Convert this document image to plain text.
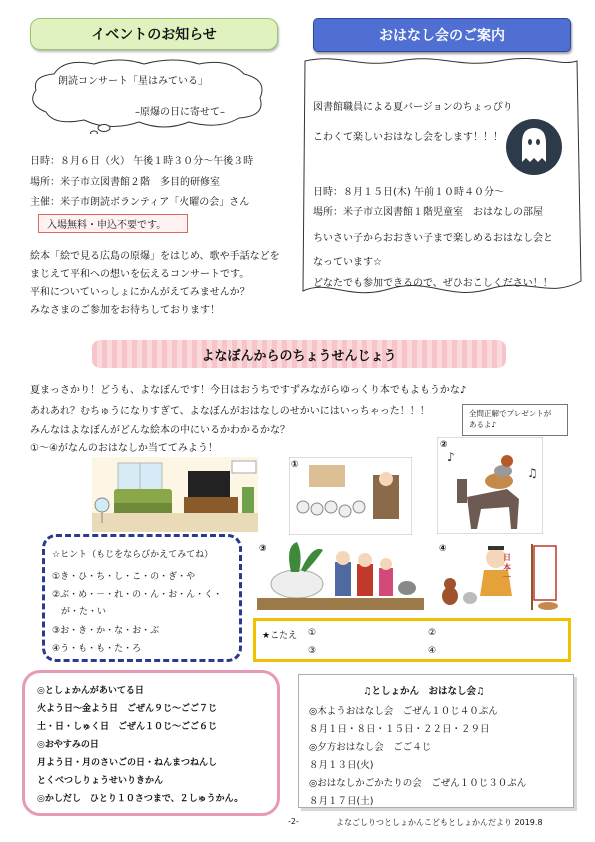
イベントのお知らせ
朗読コンサート「星はみている」
–原爆の日に寄せて–
日時：８月６日（火） 午後１時３０分～午後３時
場所：米子市立図書館２階　多目的研修室
主催：米子市朗読ボランティア「火曜の会」さん
入場無料・申込不要です。
絵本「絵で見る広島の原爆」をはじめ、歌や手話などを
まじえて平和への想いを伝えるコンサートです。
平和についていっしょにかんがえてみませんか？
みなさまのご参加をお待ちしております！
おはなし会のご案内
図書館職員による夏バージョンのちょっぴり
こわくて楽しいおはなし会をします！！！
日時：８月１５日(木) 午前１０時４０分～
場所：米子市立図書館１階児童室　おはなしの部屋
ちいさい子からおおきい子まで楽しめるおはなし会と
なっています☆
どなたでも参加できるので、ぜひおこしください！！
よなぼんからのちょうせんじょう
夏まっさかり！どうも、よなぼんです！今日はおうちですずみながらゆっくり本でもよもうかな♪
あれあれ？むちゅうになりすぎて、よなぼんがおはなしのせかいにはいっちゃった！！！
みんなはよなぼんがどんな絵本の中にいるかわかるかな？
①～④がなんのおはなしか当ててみよう！
全問正解でプレゼントが
あるよ♪
①
♪
♫
②
③
日本一
④
☆ヒント（もじをならびかえてみてね）
①き・ひ・ち・し・こ・の・ぎ・や
②ぶ・め・－・れ・の・ん・お・ん・く・
　が・た・い
③お・き・か・な・お・ぶ
④う・も・も・た・ろ
★こたえ ①	②
③	④
◎としょかんがあいてる日
火よう日～金よう日　ごぜん９じ～ごご７じ
土・日・しゅく日　ごぜん１０じ～ごご６じ
◎おやすみの日
月よう日・月のさいごの日・ねんまつねんし
とくべつしりょうせいりきかん
◎かしだし　ひとり１０さつまで、２しゅうかん。
♫としょかん　おはなし会♫
◎木ようおはなし会　ごぜん１０じ４０ぷん
８月１日・８日・１５日・２２日・２９日
◎夕方おはなし会　ごご４じ
８月１３日(火)
◎おはなしかごかたりの会　ごぜん１０じ３０ぷん
８月１７日(土)
-2-	よなごしりつとしょかんこどもとしょかんだより 2019.8
